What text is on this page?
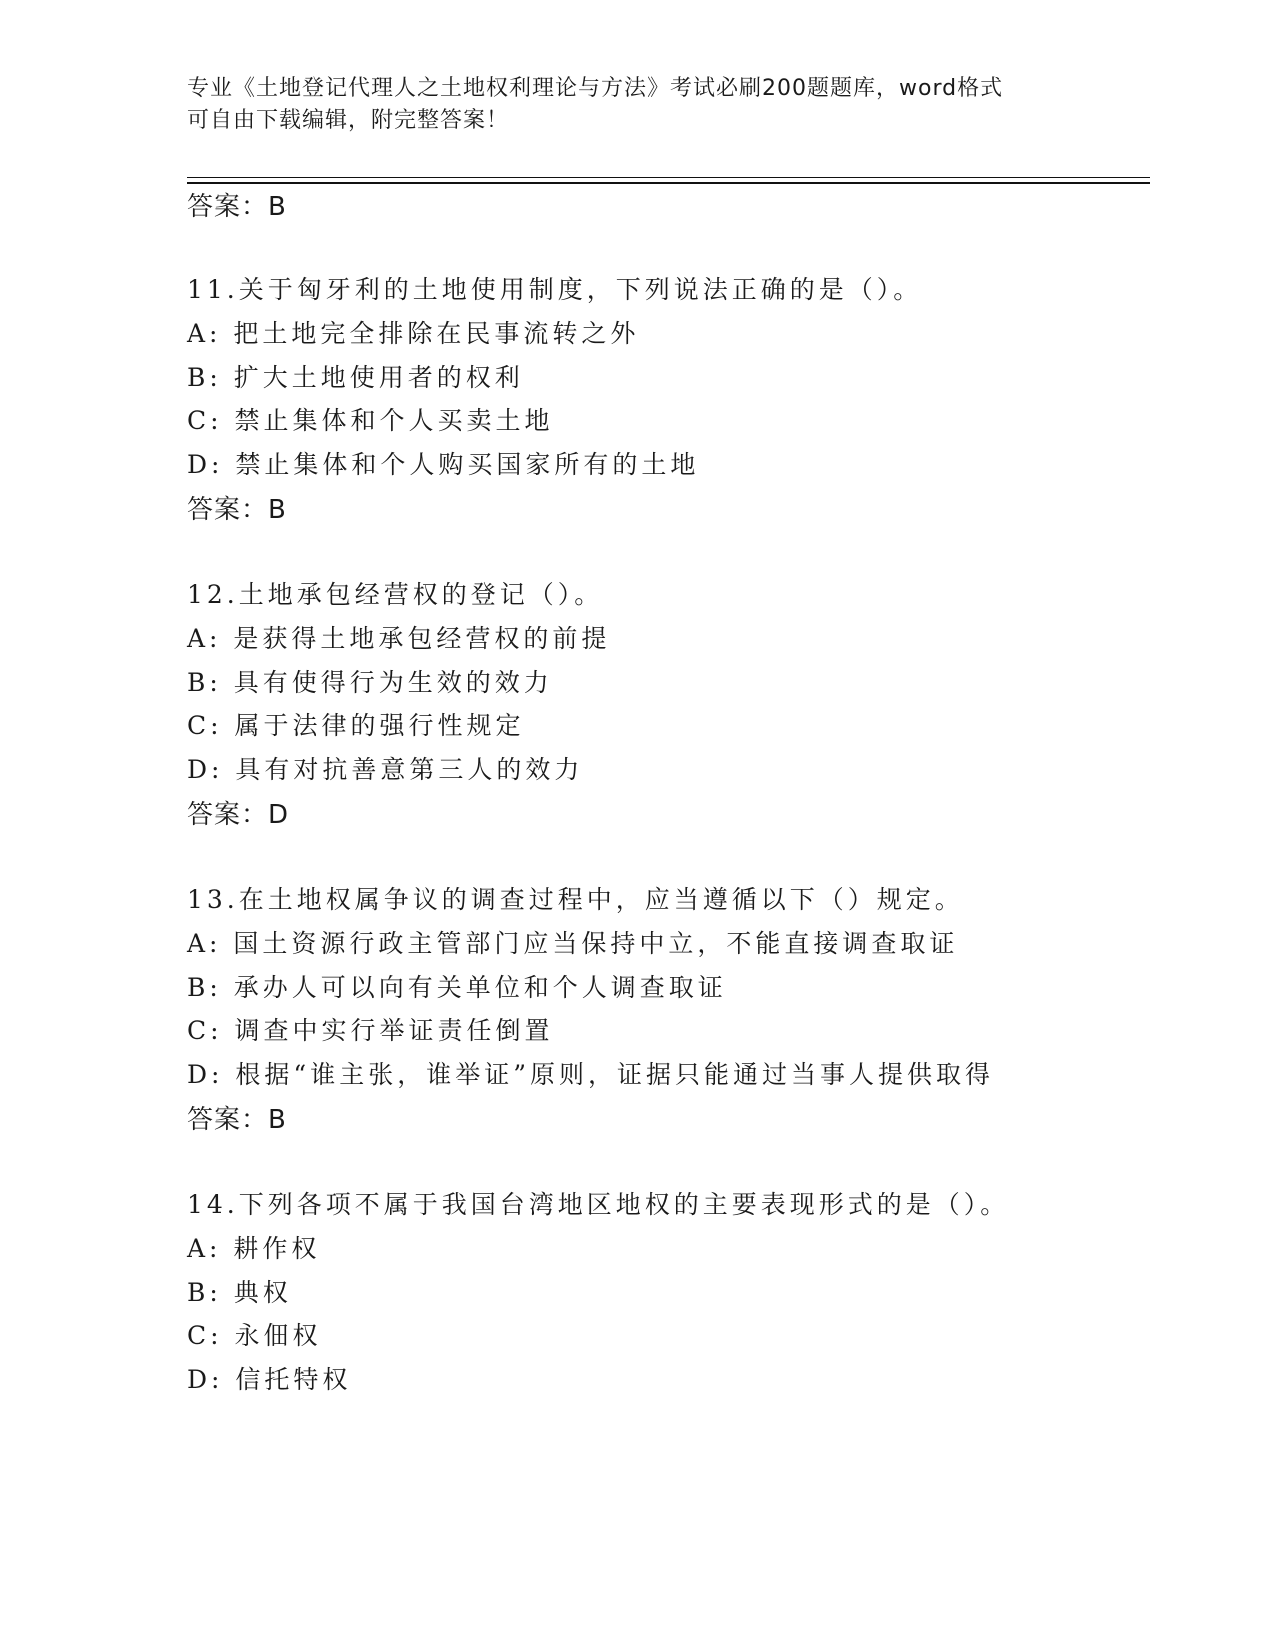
专业《土地登记代理人之土地权利理论与方法》考试必刷200题题库，word格式
可自由下载编辑，附完整答案！
答案：B
11.关于匈牙利的土地使用制度，下列说法正确的是（）。
A: 把土地完全排除在民事流转之外
B: 扩大土地使用者的权利
C: 禁止集体和个人买卖土地
D: 禁止集体和个人购买国家所有的土地
答案：B
12.土地承包经营权的登记（）。
A: 是获得土地承包经营权的前提
B: 具有使得行为生效的效力
C: 属于法律的强行性规定
D: 具有对抗善意第三人的效力
答案：D
13.在土地权属争议的调查过程中，应当遵循以下（）规定。
A: 国土资源行政主管部门应当保持中立，不能直接调查取证
B: 承办人可以向有关单位和个人调查取证
C: 调查中实行举证责任倒置
D: 根据“谁主张，谁举证”原则，证据只能通过当事人提供取得
答案：B
14.下列各项不属于我国台湾地区地权的主要表现形式的是（）。
A: 耕作权
B: 典权
C: 永佃权
D: 信托特权
